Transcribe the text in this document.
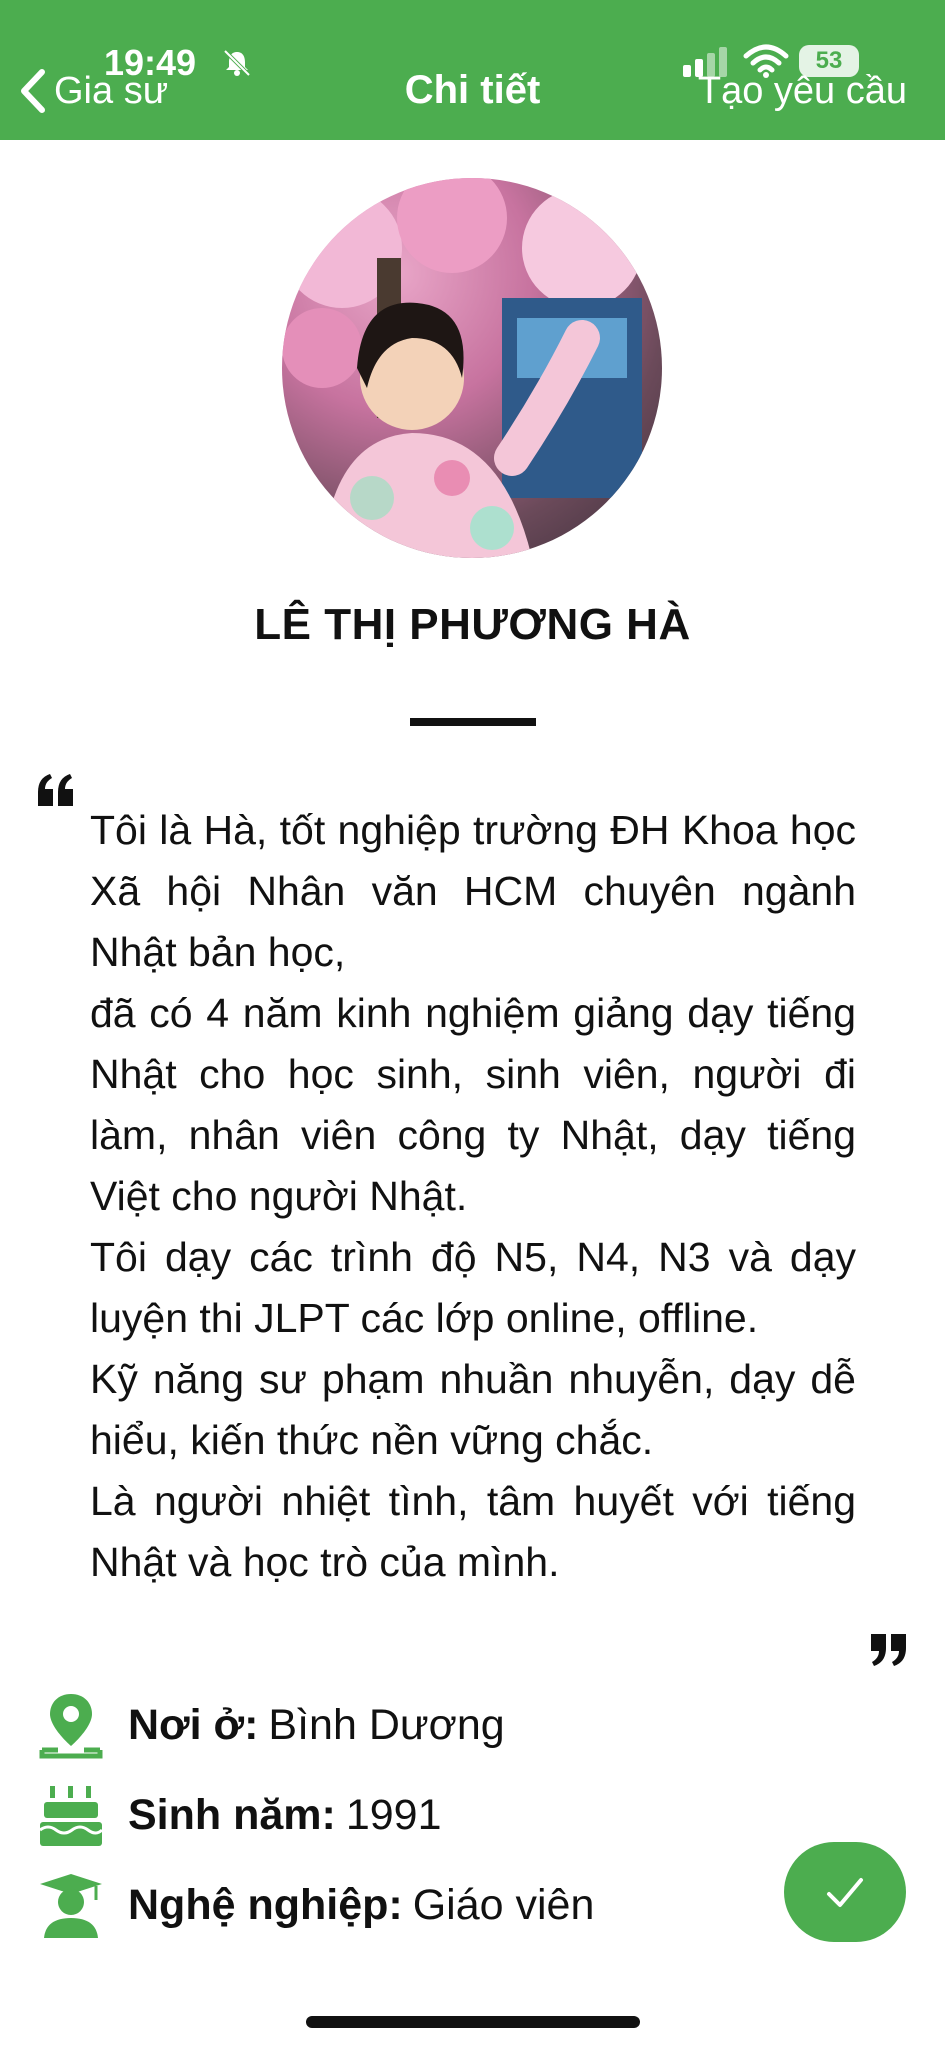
Gia sư
19:49
Chi tiết
53
Tạo yêu cầu
LÊ THỊ PHƯƠNG HÀ

Tôi là Hà, tốt nghiệp trường ĐH Khoa học Xã hội Nhân văn HCM chuyên ngành Nhật bản học,

đã có 4 năm kinh nghiệm giảng dạy tiếng Nhật cho học sinh, sinh viên, người đi làm, nhân viên công ty Nhật, dạy tiếng Việt cho người Nhật.

Tôi dạy các trình độ N5, N4, N3 và dạy luyện thi JLPT các lớp online, offline.

Kỹ năng sư phạm nhuần nhuyễn, dạy dễ hiểu, kiến thức nền vững chắc.

Là người nhiệt tình, tâm huyết với tiếng Nhật và học trò của mình.

Nơi ở: Bình Dương
Sinh năm: 1991
Nghệ nghiệp: Giáo viên
